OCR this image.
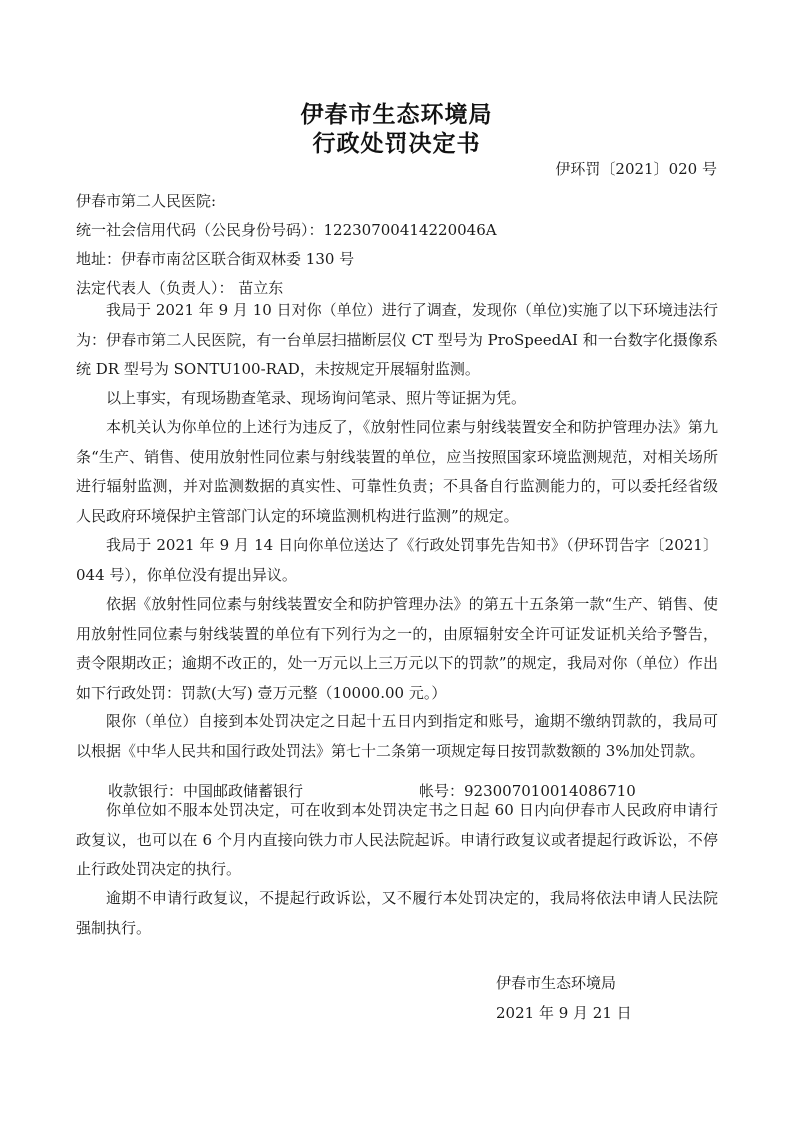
伊春市生态环境局
行政处罚决定书
伊环罚〔2021〕020 号
伊春市第二人民医院:
统一社会信用代码（公民身份号码）：12230700414220046A
地址：伊春市南岔区联合街双林委 130 号
法定代表人（负责人）： 苗立东

我局于 2021 年 9 月 10 日对你（单位）进行了调查，发现你（单位)实施了以下环境违法行为：伊春市第二人民医院，有一台单层扫描断层仪 CT 型号为 ProSpeedAI 和一台数字化摄像系统 DR 型号为 SONTU100-RAD，未按规定开展辐射监测。

以上事实，有现场勘查笔录、现场询问笔录、照片等证据为凭。

本机关认为你单位的上述行为违反了，《放射性同位素与射线装置安全和防护管理办法》第九条“生产、销售、使用放射性同位素与射线装置的单位，应当按照国家环境监测规范，对相关场所进行辐射监测，并对监测数据的真实性、可靠性负责；不具备自行监测能力的，可以委托经省级人民政府环境保护主管部门认定的环境监测机构进行监测”的规定。

我局于 2021 年 9 月 14 日向你单位送达了《行政处罚事先告知书》（伊环罚告字〔2021〕044 号），你单位没有提出异议。

依据《放射性同位素与射线装置安全和防护管理办法》的第五十五条第一款“生产、销售、使用放射性同位素与射线装置的单位有下列行为之一的，由原辐射安全许可证发证机关给予警告，责令限期改正；逾期不改正的，处一万元以上三万元以下的罚款”的规定，我局对你（单位）作出如下行政处罚：罚款(大写) 壹万元整（10000.00 元。）

限你（单位）自接到本处罚决定之日起十五日内到指定和账号，逾期不缴纳罚款的，我局可以根据《中华人民共和国行政处罚法》第七十二条第一项规定每日按罚款数额的 3%加处罚款。

收款银行：中国邮政储蓄银行	帐号：923007010014086710

你单位如不服本处罚决定，可在收到本处罚决定书之日起 60 日内向伊春市人民政府申请行政复议，也可以在 6 个月内直接向铁力市人民法院起诉。申请行政复议或者提起行政诉讼，不停止行政处罚决定的执行。

逾期不申请行政复议，不提起行政诉讼，又不履行本处罚决定的，我局将依法申请人民法院强制执行。

伊春市生态环境局
2021 年 9 月 21 日
